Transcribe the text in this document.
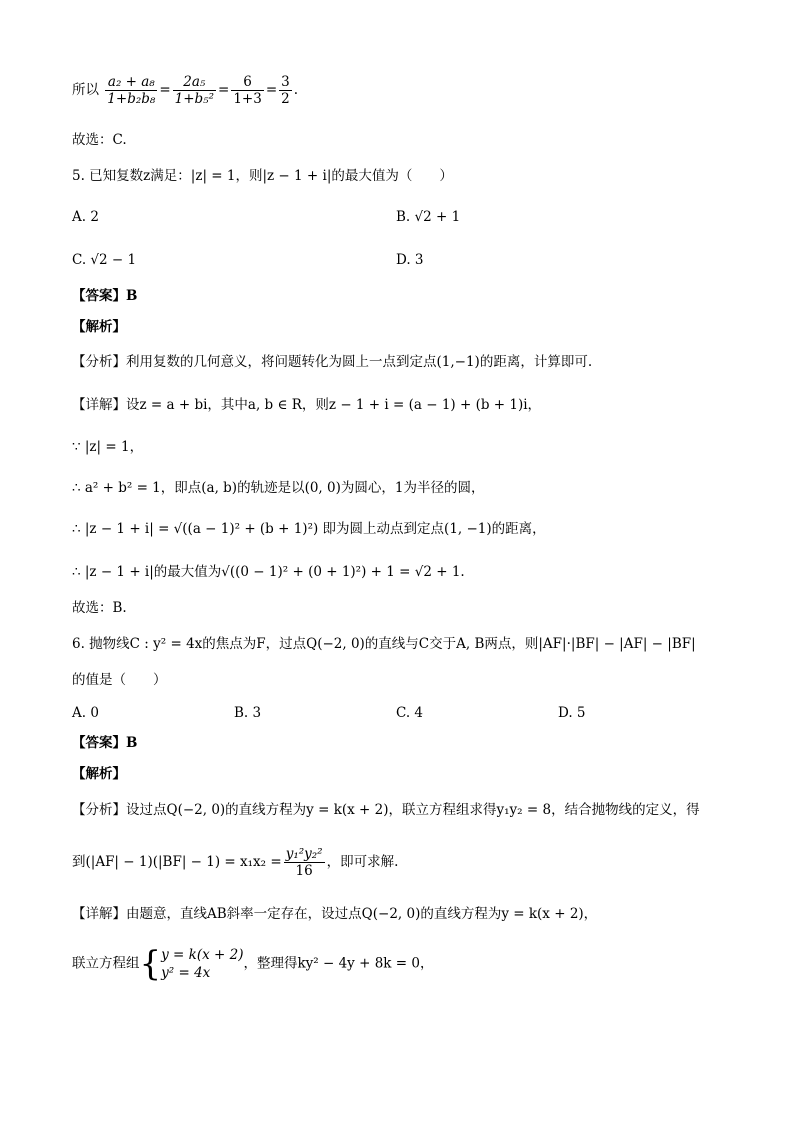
所以 $\frac{\text{a₂ + a₈}}{\text{1+b₂b₈}} = \frac{\text{2a₅}}{\text{1+b₅²}} = \frac{6}{1+3} = \frac{3}{2}$ .
故选：C.
5. 已知复数z满足：|z| = 1，则|z − 1 + i|的最大值为（　　）
A. 2	B. √2 + 1
C. √2 − 1	D. 3
【答案】B
【解析】
【分析】利用复数的几何意义，将问题转化为圆上一点到定点(1,−1)的距离，计算即可.
【详解】设z = a + bi，其中a, b ∈ R，则z − 1 + i = (a − 1) + (b + 1)i，
∵ |z| = 1，
∴ a² + b² = 1，即点(a, b)的轨迹是以(0, 0)为圆心，1为半径的圆，
∴ |z − 1 + i| = √((a − 1)² + (b + 1)²) 即为圆上动点到定点(1, −1)的距离，
∴ |z − 1 + i|的最大值为√((0 − 1)² + (0 + 1)²) + 1 = √2 + 1.
故选：B.
6. 抛物线C : y² = 4x的焦点为F，过点Q(−2, 0)的直线与C交于A, B两点，则|AF|·|BF| − |AF| − |BF|
的值是（　　）
A. 0	B. 3	C. 4	D. 5
【答案】B
【解析】
【分析】设过点Q(−2, 0)的直线方程为y = k(x + 2)，联立方程组求得y₁y₂ = 8，结合抛物线的定义，得
到$(|AF| - 1)(|BF| - 1) = x_1x_2 = \frac{\text{y₁²y₂²}}{16}$ ，即可求解.
【详解】由题意，直线AB斜率一定存在，设过点Q(−2, 0)的直线方程为y = k(x + 2)，
联立方程组{ y = k(x + 2)
y² = 4x
，整理得ky² − 4y + 8k = 0，
